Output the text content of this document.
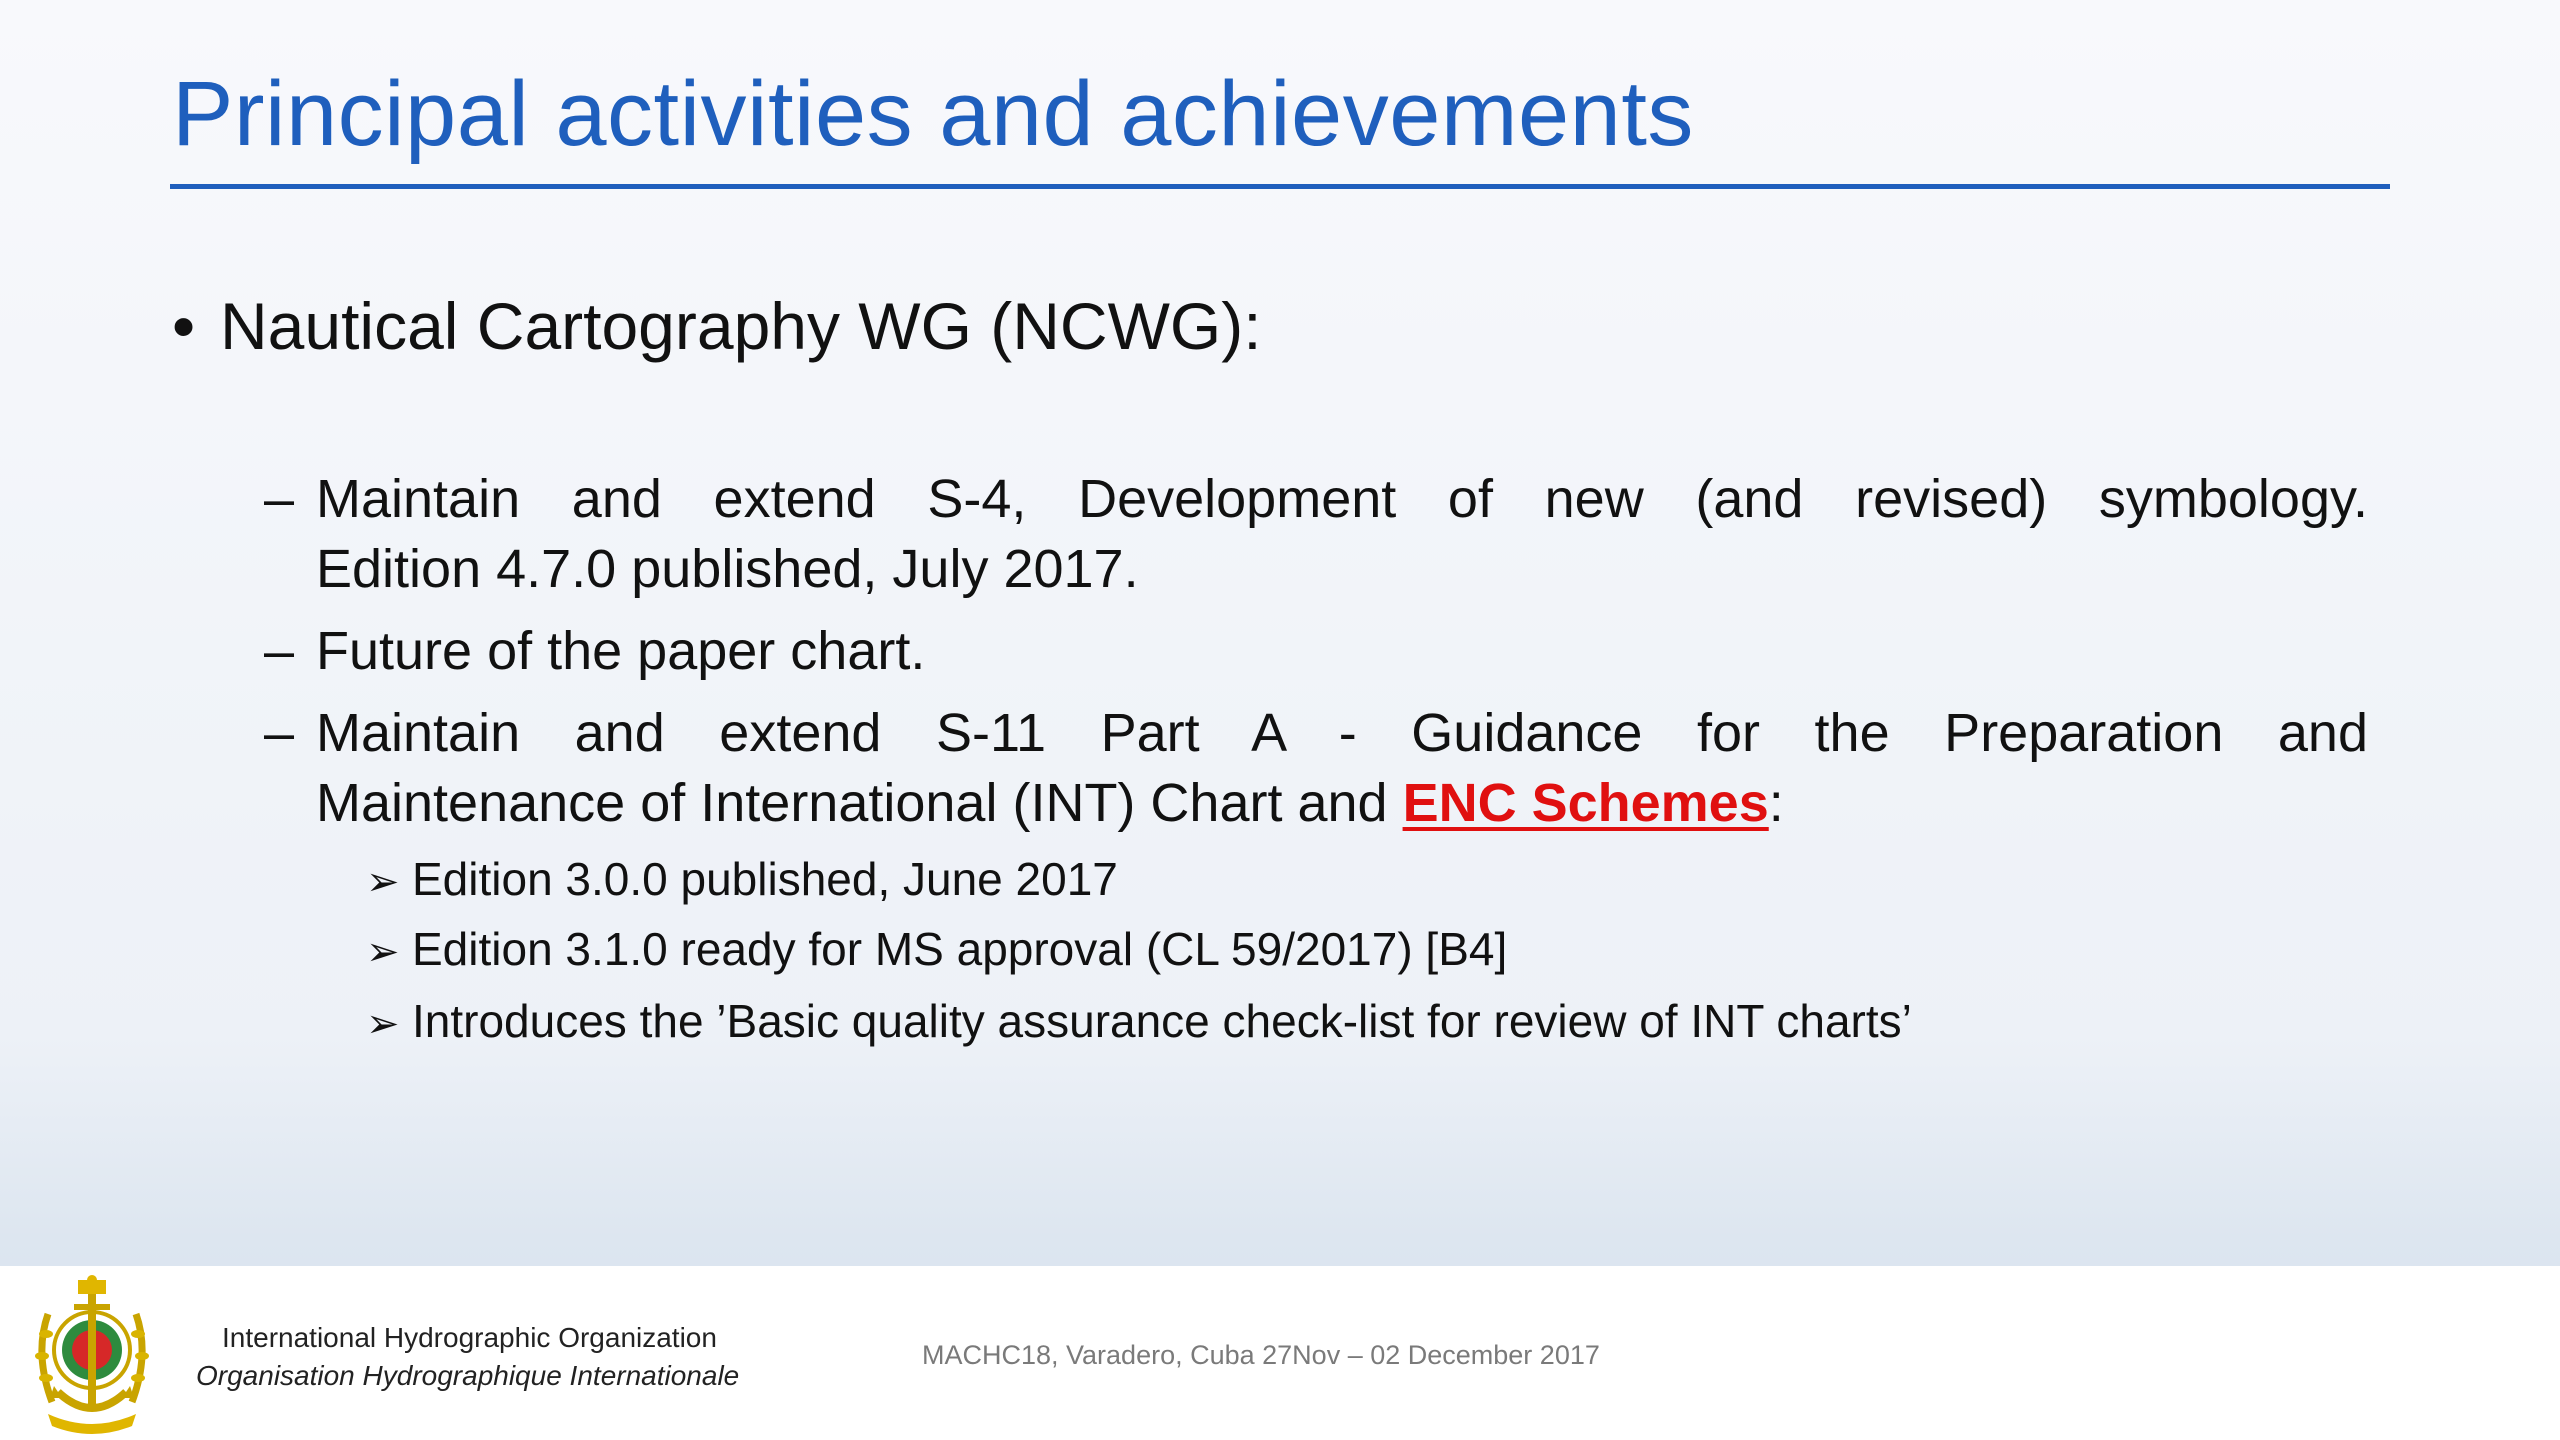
Principal activities and achievements
• Nautical Cartography WG (NCWG):
– Maintain and extend S-4, Development of new (and revised) symbology.
Edition 4.7.0 published, July 2017.
– Future of the paper chart.
– Maintain and extend S-11 Part A - Guidance for the Preparation and
Maintenance of International (INT) Chart and ENC Schemes:
➢ Edition 3.0.0 published, June 2017
➢ Edition 3.1.0 ready for MS approval (CL 59/2017) [B4]
➢ Introduces the ’Basic quality assurance check-list for review of INT charts’
International Hydrographic Organization
Organisation Hydrographique Internationale
MACHC18, Varadero, Cuba 27Nov – 02 December 2017
